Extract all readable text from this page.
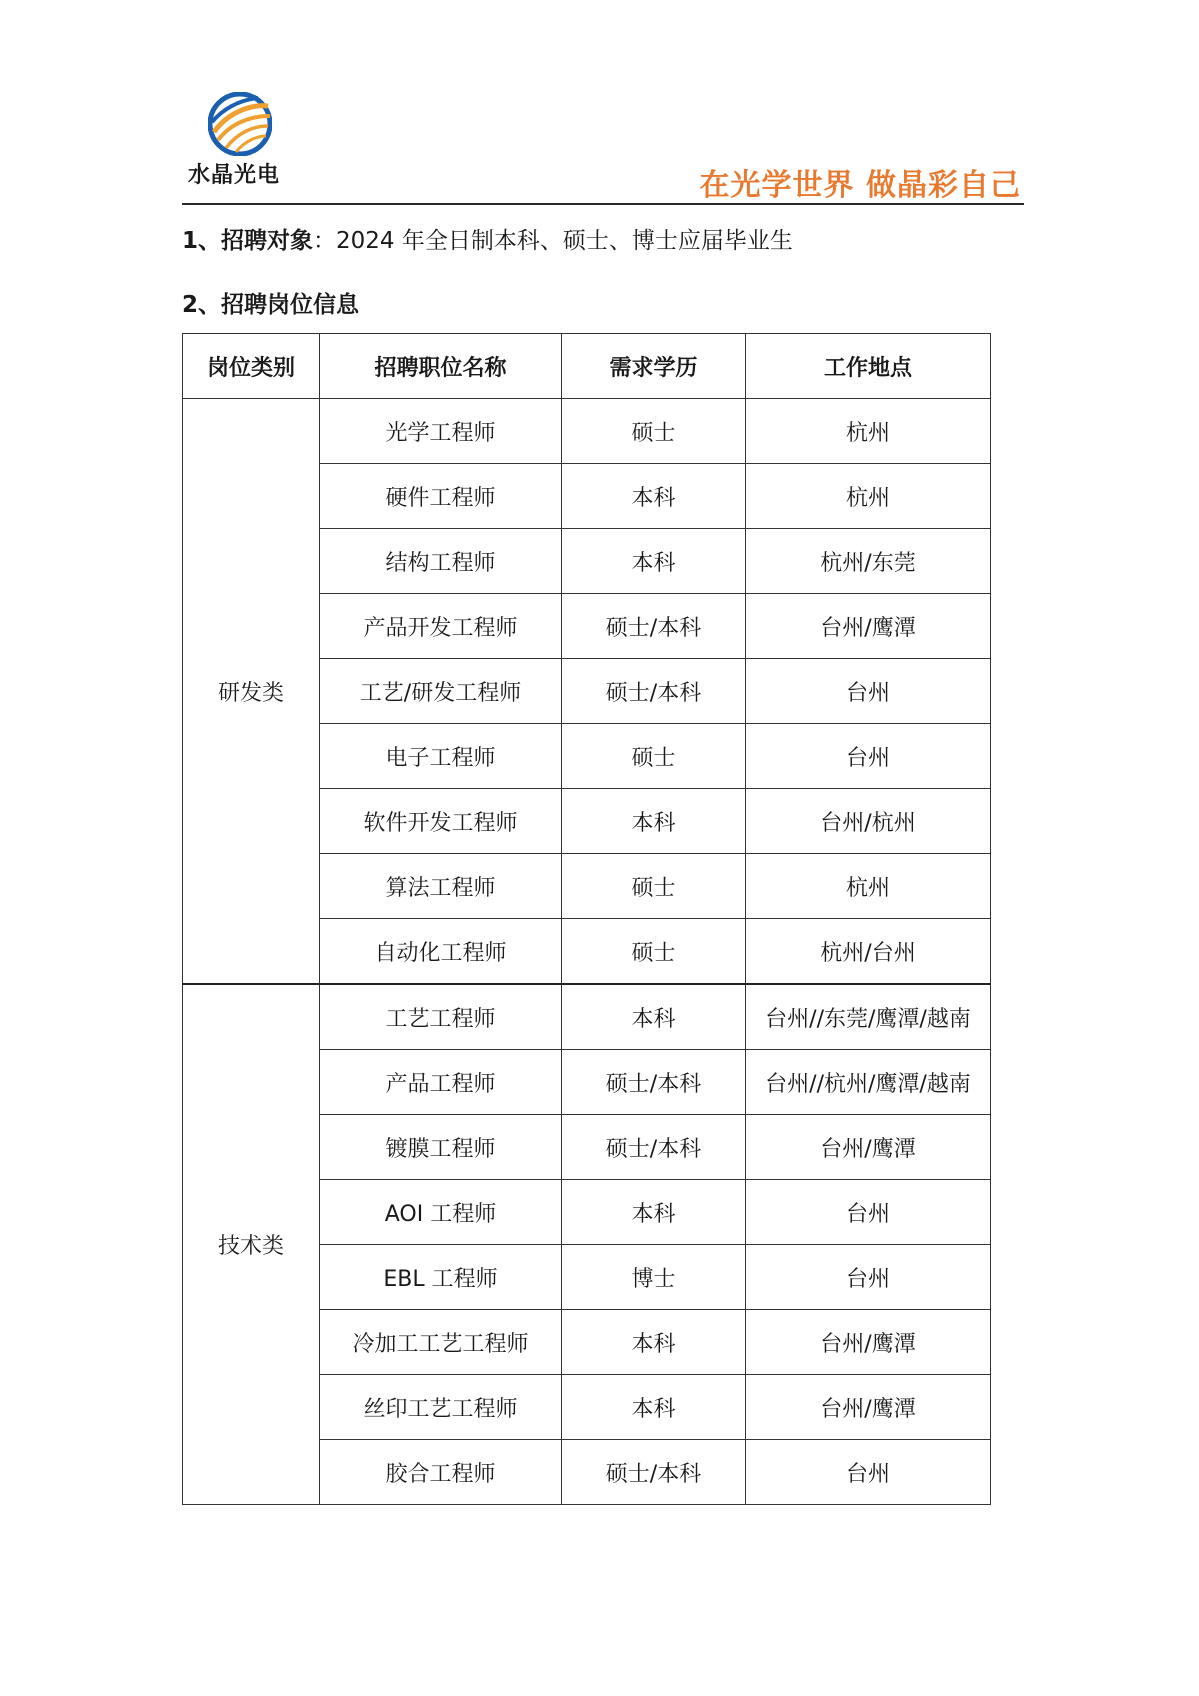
水晶光电	在光学世界 做晶彩自己
1、招聘对象：2024 年全日制本科、硕士、博士应届毕业生
2、招聘岗位信息
岗位类别	招聘职位名称	需求学历	工作地点
研发类	光学工程师	硕士	杭州
	硬件工程师	本科	杭州
	结构工程师	本科	杭州/东莞
	产品开发工程师	硕士/本科	台州/鹰潭
	工艺/研发工程师	硕士/本科	台州
	电子工程师	硕士	台州
	软件开发工程师	本科	台州/杭州
	算法工程师	硕士	杭州
	自动化工程师	硕士	杭州/台州
技术类	工艺工程师	本科	台州//东莞/鹰潭/越南
	产品工程师	硕士/本科	台州//杭州/鹰潭/越南
	镀膜工程师	硕士/本科	台州/鹰潭
	AOI 工程师	本科	台州
	EBL 工程师	博士	台州
	冷加工工艺工程师	本科	台州/鹰潭
	丝印工艺工程师	本科	台州/鹰潭
	胶合工程师	硕士/本科	台州
